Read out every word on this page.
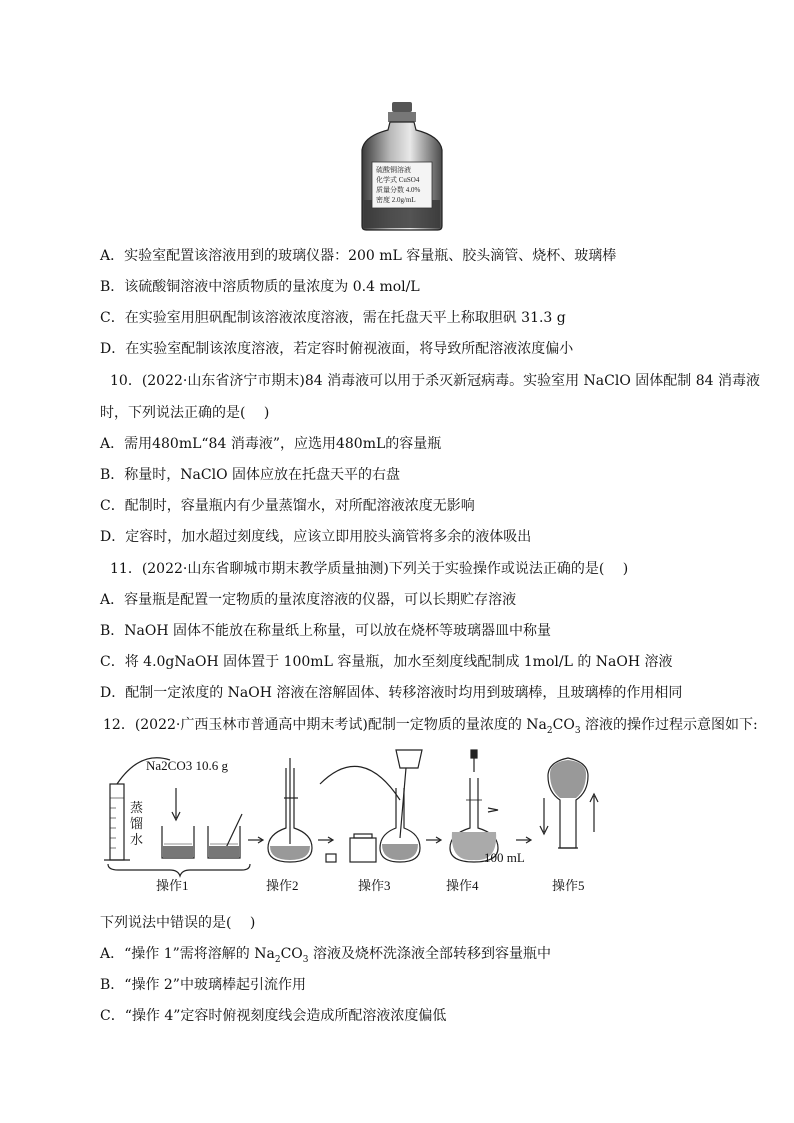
硫酸铜溶液
化学式 CuSO4
质量分数 4.0%
密度 2.0g/mL
A．实验室配置该溶液用到的玻璃仪器：200 mL 容量瓶、胶头滴管、烧杯、玻璃棒
B．该硫酸铜溶液中溶质物质的量浓度为 0.4 mol/L
C．在实验室用胆矾配制该溶液浓度溶液，需在托盘天平上称取胆矾 31.3 g
D．在实验室配制该浓度溶液，若定容时俯视液面，将导致所配溶液浓度偏小
10．(2022·山东省济宁市期末)84 消毒液可以用于杀灭新冠病毒。实验室用 NaClO 固体配制 84 消毒液
时，下列说法正确的是(　 )
A．需用480mL“84 消毒液”，应选用480mL的容量瓶
B．称量时，NaClO 固体应放在托盘天平的右盘
C．配制时，容量瓶内有少量蒸馏水，对所配溶液浓度无影响
D．定容时，加水超过刻度线，应该立即用胶头滴管将多余的液体吸出
11．(2022·山东省聊城市期末教学质量抽测)下列关于实验操作或说法正确的是(　 )
A．容量瓶是配置一定物质的量浓度溶液的仪器，可以长期贮存溶液
B．NaOH 固体不能放在称量纸上称量，可以放在烧杯等玻璃器皿中称量
C．将 4.0gNaOH 固体置于 100mL 容量瓶，加水至刻度线配制成 1mol/L 的 NaOH 溶液
D．配制一定浓度的 NaOH 溶液在溶解固体、转移溶液时均用到玻璃棒，且玻璃棒的作用相同
12．(2022·广西玉林市普通高中期末考试)配制一定物质的量浓度的 $Na_2CO_3$ 溶液的操作过程示意图如下:
Na2CO3 10.6 g
蒸
馏
水
100 mL
操作1	操作2	操作3	操作4	操作5
下列说法中错误的是(　 )
A．“操作 1”需将溶解的 $Na_2CO_3$ 溶液及烧杯洗涤液全部转移到容量瓶中
B．“操作 2”中玻璃棒起引流作用
C．“操作 4”定容时俯视刻度线会造成所配溶液浓度偏低
